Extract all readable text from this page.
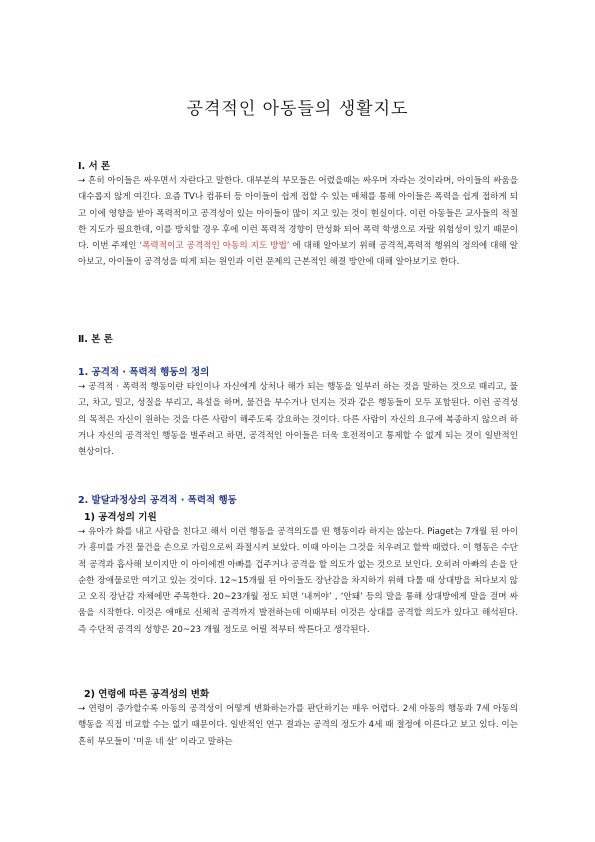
공격적인 아동들의 생활지도
Ⅰ. 서 론
→ 흔히 아이들은 싸우면서 자란다고 말한다. 대부분의 부모들은 어렸을때는 싸우며 자라는 것이라며, 아이들의 싸움을 대수롭지 않게 여긴다. 요즘 TV나 컴퓨터 등 아이들이 쉽게 접할 수 있는 매체를 통해 아이들은 폭력을 쉽게 접하게 되고 이에 영향을 받아 폭력적이고 공격성이 있는 아이들이 많이 지고 있는 것이 현실이다. 이런 아동들은 교사들의 적절한 지도가 필요한데, 이를 방치할 경우 후에 이런 폭력적 경향이 만성화 되어 폭력 학생으로 자랄 위험성이 있기 때문이다. 이번 주제인 ‘폭력적이고 공격적인 아동의 지도 방법’ 에 대해 알아보기 위해 공격적,폭력적 행위의 정의에 대해 알아보고, 아이들이 공격성을 띠게 되는 원인과 이런 문제의 근본적인 해결 방안에 대해 알아보기로 한다.
Ⅱ. 본 론
1. 공격적 · 폭력적 행동의 정의
→ 공격적 · 폭력적 행동이란 타인이나 자신에게 상처나 해가 되는 행동을 일부러 하는 것을 말하는 것으로 때리고, 물고, 차고, 밀고, 성질을 부리고, 욕설을 하며, 물건을 부수거나 던지는 것과 같은 행동들이 모두 포함된다. 이런 공격성의 목적은 자신이 원하는 것을 다른 사람이 해주도록 강요하는 것이다. 다른 사람이 자신의 요구에 복종하지 않으려 하거나 자신의 공격적인 행동을 벌주려고 하면, 공격적인 아이들은 더욱 호전적이고 통제할 수 없게 되는 것이 일반적인 현상이다.
2. 발달과정상의 공격적 · 폭력적 행동
1) 공격성의 기원
→ 유아가 화를 내고 사람을 친다고 해서 이런 행동을 공격의도를 띤 행동이라 하지는 않는다. Piaget는 7개월 된 아이가 흥미를 가진 물건을 손으로 가림으로써 좌절시켜 보았다. 이때 아이는 그것을 치우려고 할싹 때렸다. 이 행동은 수단적 공격과 흡사해 보이지만 이 아이에겐 아빠를 겁주거나 공격을 할 의도가 없는 것으로 보인다. 오히려 아빠의 손을 단순한 장애물로만 여기고 있는 것이다. 12~15개월 된 아이들도 장난감을 차지하기 위해 다툴 때 상대방을 쳐다보지 않고 오직 장난감 자체에만 주목한다. 20~23개월 정도 되면 ‘내꺼야’ , ‘안돼’ 등의 말을 통해 상대방에게 말을 걸며 싸움을 시작한다. 이것은 애매로 신체적 공격까지 발전하는데 이때부터 이것은 상대를 공격할 의도가 있다고 해석된다. 즉 수단적 공격의 성향은 20~23 개월 정도로 어릴 적부터 싹튼다고 생각된다.
2) 연령에 따른 공격성의 변화
→ 연령이 증가할수록 아동의 공격성이 어떻게 변화하는가를 판단하기는 매우 어렵다. 2세 아동의 행동과 7세 아동의 행동을 직접 비교할 수는 없기 때문이다. 일반적인 연구 결과는 공격의 정도가 4세 때 절정에 이른다고 보고 있다. 이는 흔히 부모들이 ‘미운 네 살’ 이라고 말하는
